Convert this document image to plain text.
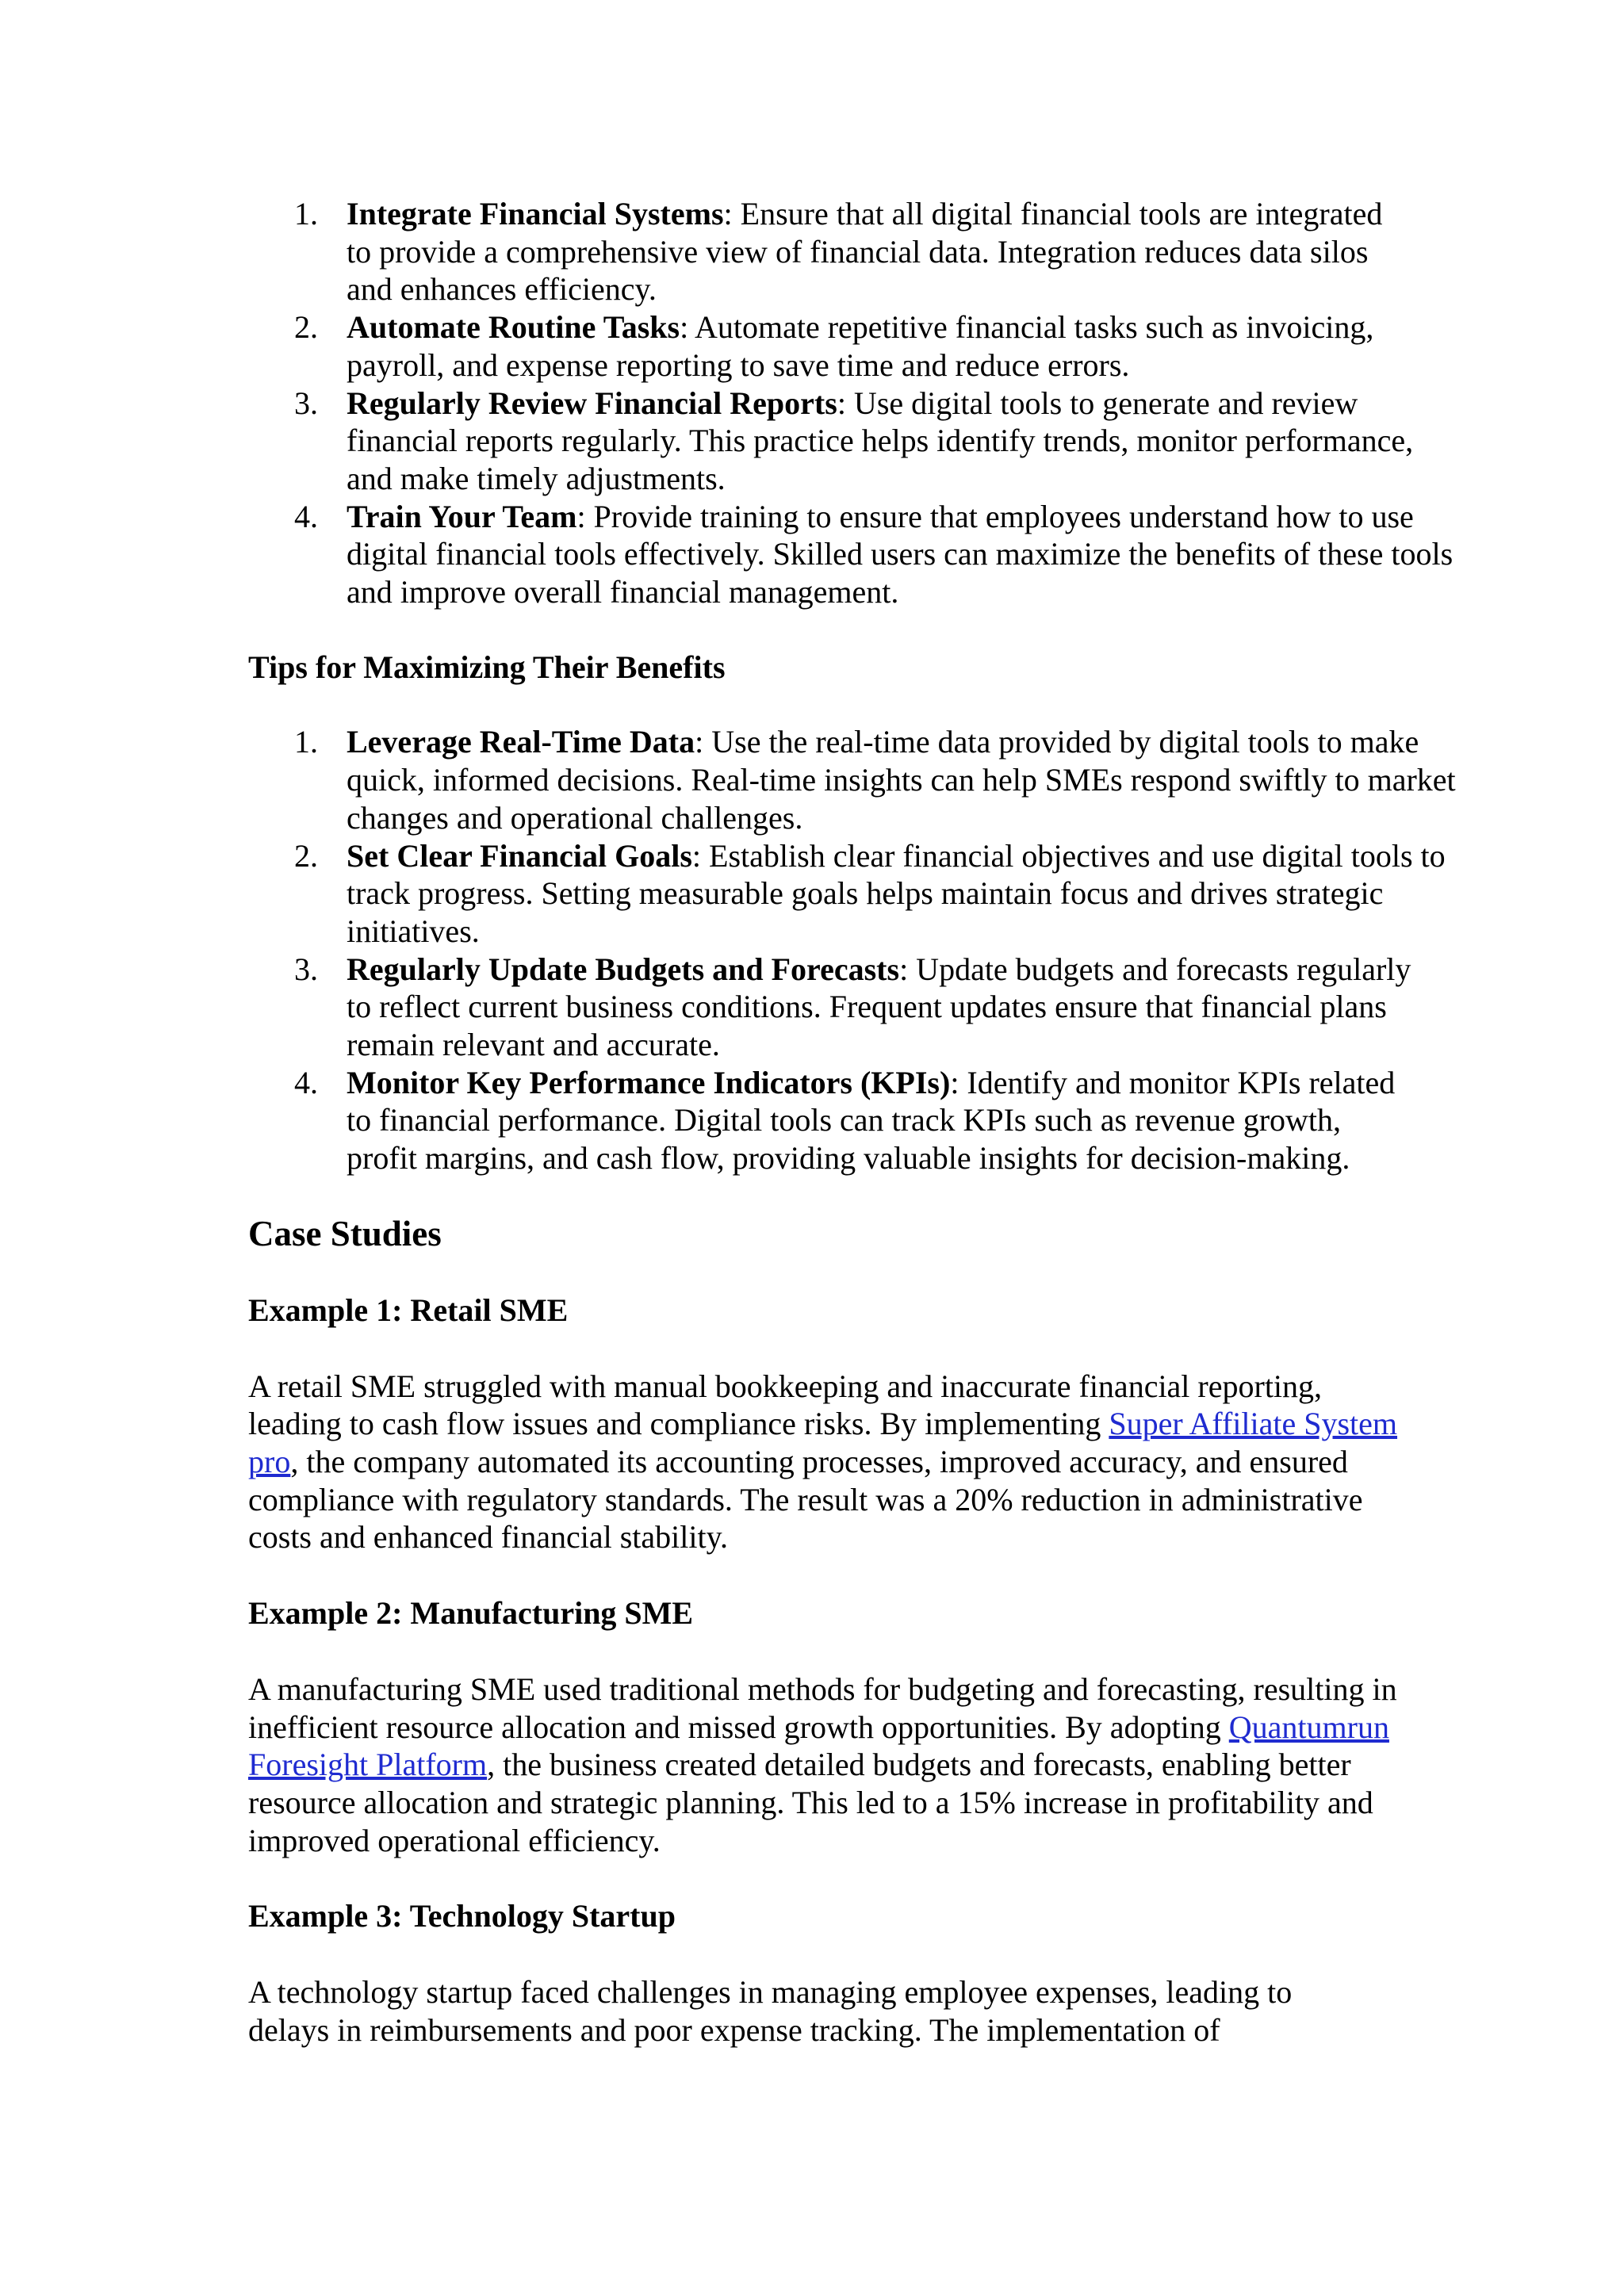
1. Integrate Financial Systems: Ensure that all digital financial tools are integrated to provide a comprehensive view of financial data. Integration reduces data silos and enhances efficiency.
2. Automate Routine Tasks: Automate repetitive financial tasks such as invoicing, payroll, and expense reporting to save time and reduce errors.
3. Regularly Review Financial Reports: Use digital tools to generate and review financial reports regularly. This practice helps identify trends, monitor performance, and make timely adjustments.
4. Train Your Team: Provide training to ensure that employees understand how to use digital financial tools effectively. Skilled users can maximize the benefits of these tools and improve overall financial management.

Tips for Maximizing Their Benefits

1. Leverage Real-Time Data: Use the real-time data provided by digital tools to make quick, informed decisions. Real-time insights can help SMEs respond swiftly to market changes and operational challenges.
2. Set Clear Financial Goals: Establish clear financial objectives and use digital tools to track progress. Setting measurable goals helps maintain focus and drives strategic initiatives.
3. Regularly Update Budgets and Forecasts: Update budgets and forecasts regularly to reflect current business conditions. Frequent updates ensure that financial plans remain relevant and accurate.
4. Monitor Key Performance Indicators (KPIs): Identify and monitor KPIs related to financial performance. Digital tools can track KPIs such as revenue growth, profit margins, and cash flow, providing valuable insights for decision-making.

Case Studies

Example 1: Retail SME

A retail SME struggled with manual bookkeeping and inaccurate financial reporting, leading to cash flow issues and compliance risks. By implementing Super Affiliate System pro, the company automated its accounting processes, improved accuracy, and ensured compliance with regulatory standards. The result was a 20% reduction in administrative costs and enhanced financial stability.

Example 2: Manufacturing SME

A manufacturing SME used traditional methods for budgeting and forecasting, resulting in inefficient resource allocation and missed growth opportunities. By adopting Quantumrun Foresight Platform, the business created detailed budgets and forecasts, enabling better resource allocation and strategic planning. This led to a 15% increase in profitability and improved operational efficiency.

Example 3: Technology Startup

A technology startup faced challenges in managing employee expenses, leading to delays in reimbursements and poor expense tracking. The implementation of
